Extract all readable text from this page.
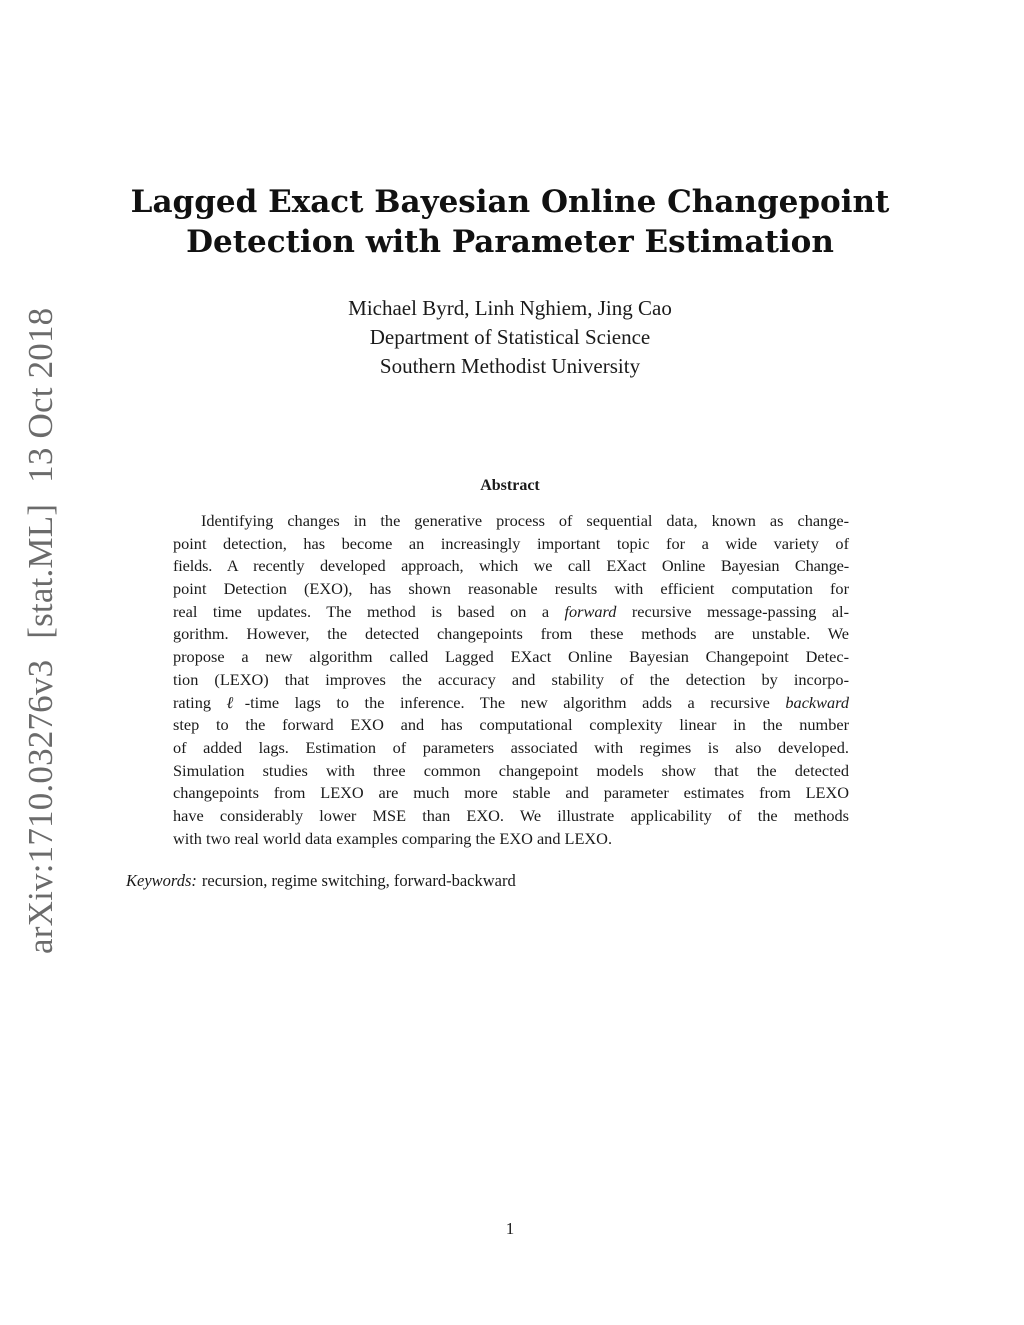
arXiv:1710.03276v3 [stat.ML] 13 Oct 2018
Lagged Exact Bayesian Online Changepoint
Detection with Parameter Estimation
Michael Byrd, Linh Nghiem, Jing Cao
Department of Statistical Science
Southern Methodist University
Abstract
Identifying changes in the generative process of sequential data, known as change-
point detection, has become an increasingly important topic for a wide variety of
fields. A recently developed approach, which we call EXact Online Bayesian Change-
point Detection (EXO), has shown reasonable results with efficient computation for
real time updates. The method is based on a forward recursive message-passing al-
gorithm. However, the detected changepoints from these methods are unstable. We
propose a new algorithm called Lagged EXact Online Bayesian Changepoint Detec-
tion (LEXO) that improves the accuracy and stability of the detection by incorpo-
rating ℓ-time lags to the inference. The new algorithm adds a recursive backward
step to the forward EXO and has computational complexity linear in the number
of added lags. Estimation of parameters associated with regimes is also developed.
Simulation studies with three common changepoint models show that the detected
changepoints from LEXO are much more stable and parameter estimates from LEXO
have considerably lower MSE than EXO. We illustrate applicability of the methods
with two real world data examples comparing the EXO and LEXO.
Keywords: recursion, regime switching, forward-backward
1
